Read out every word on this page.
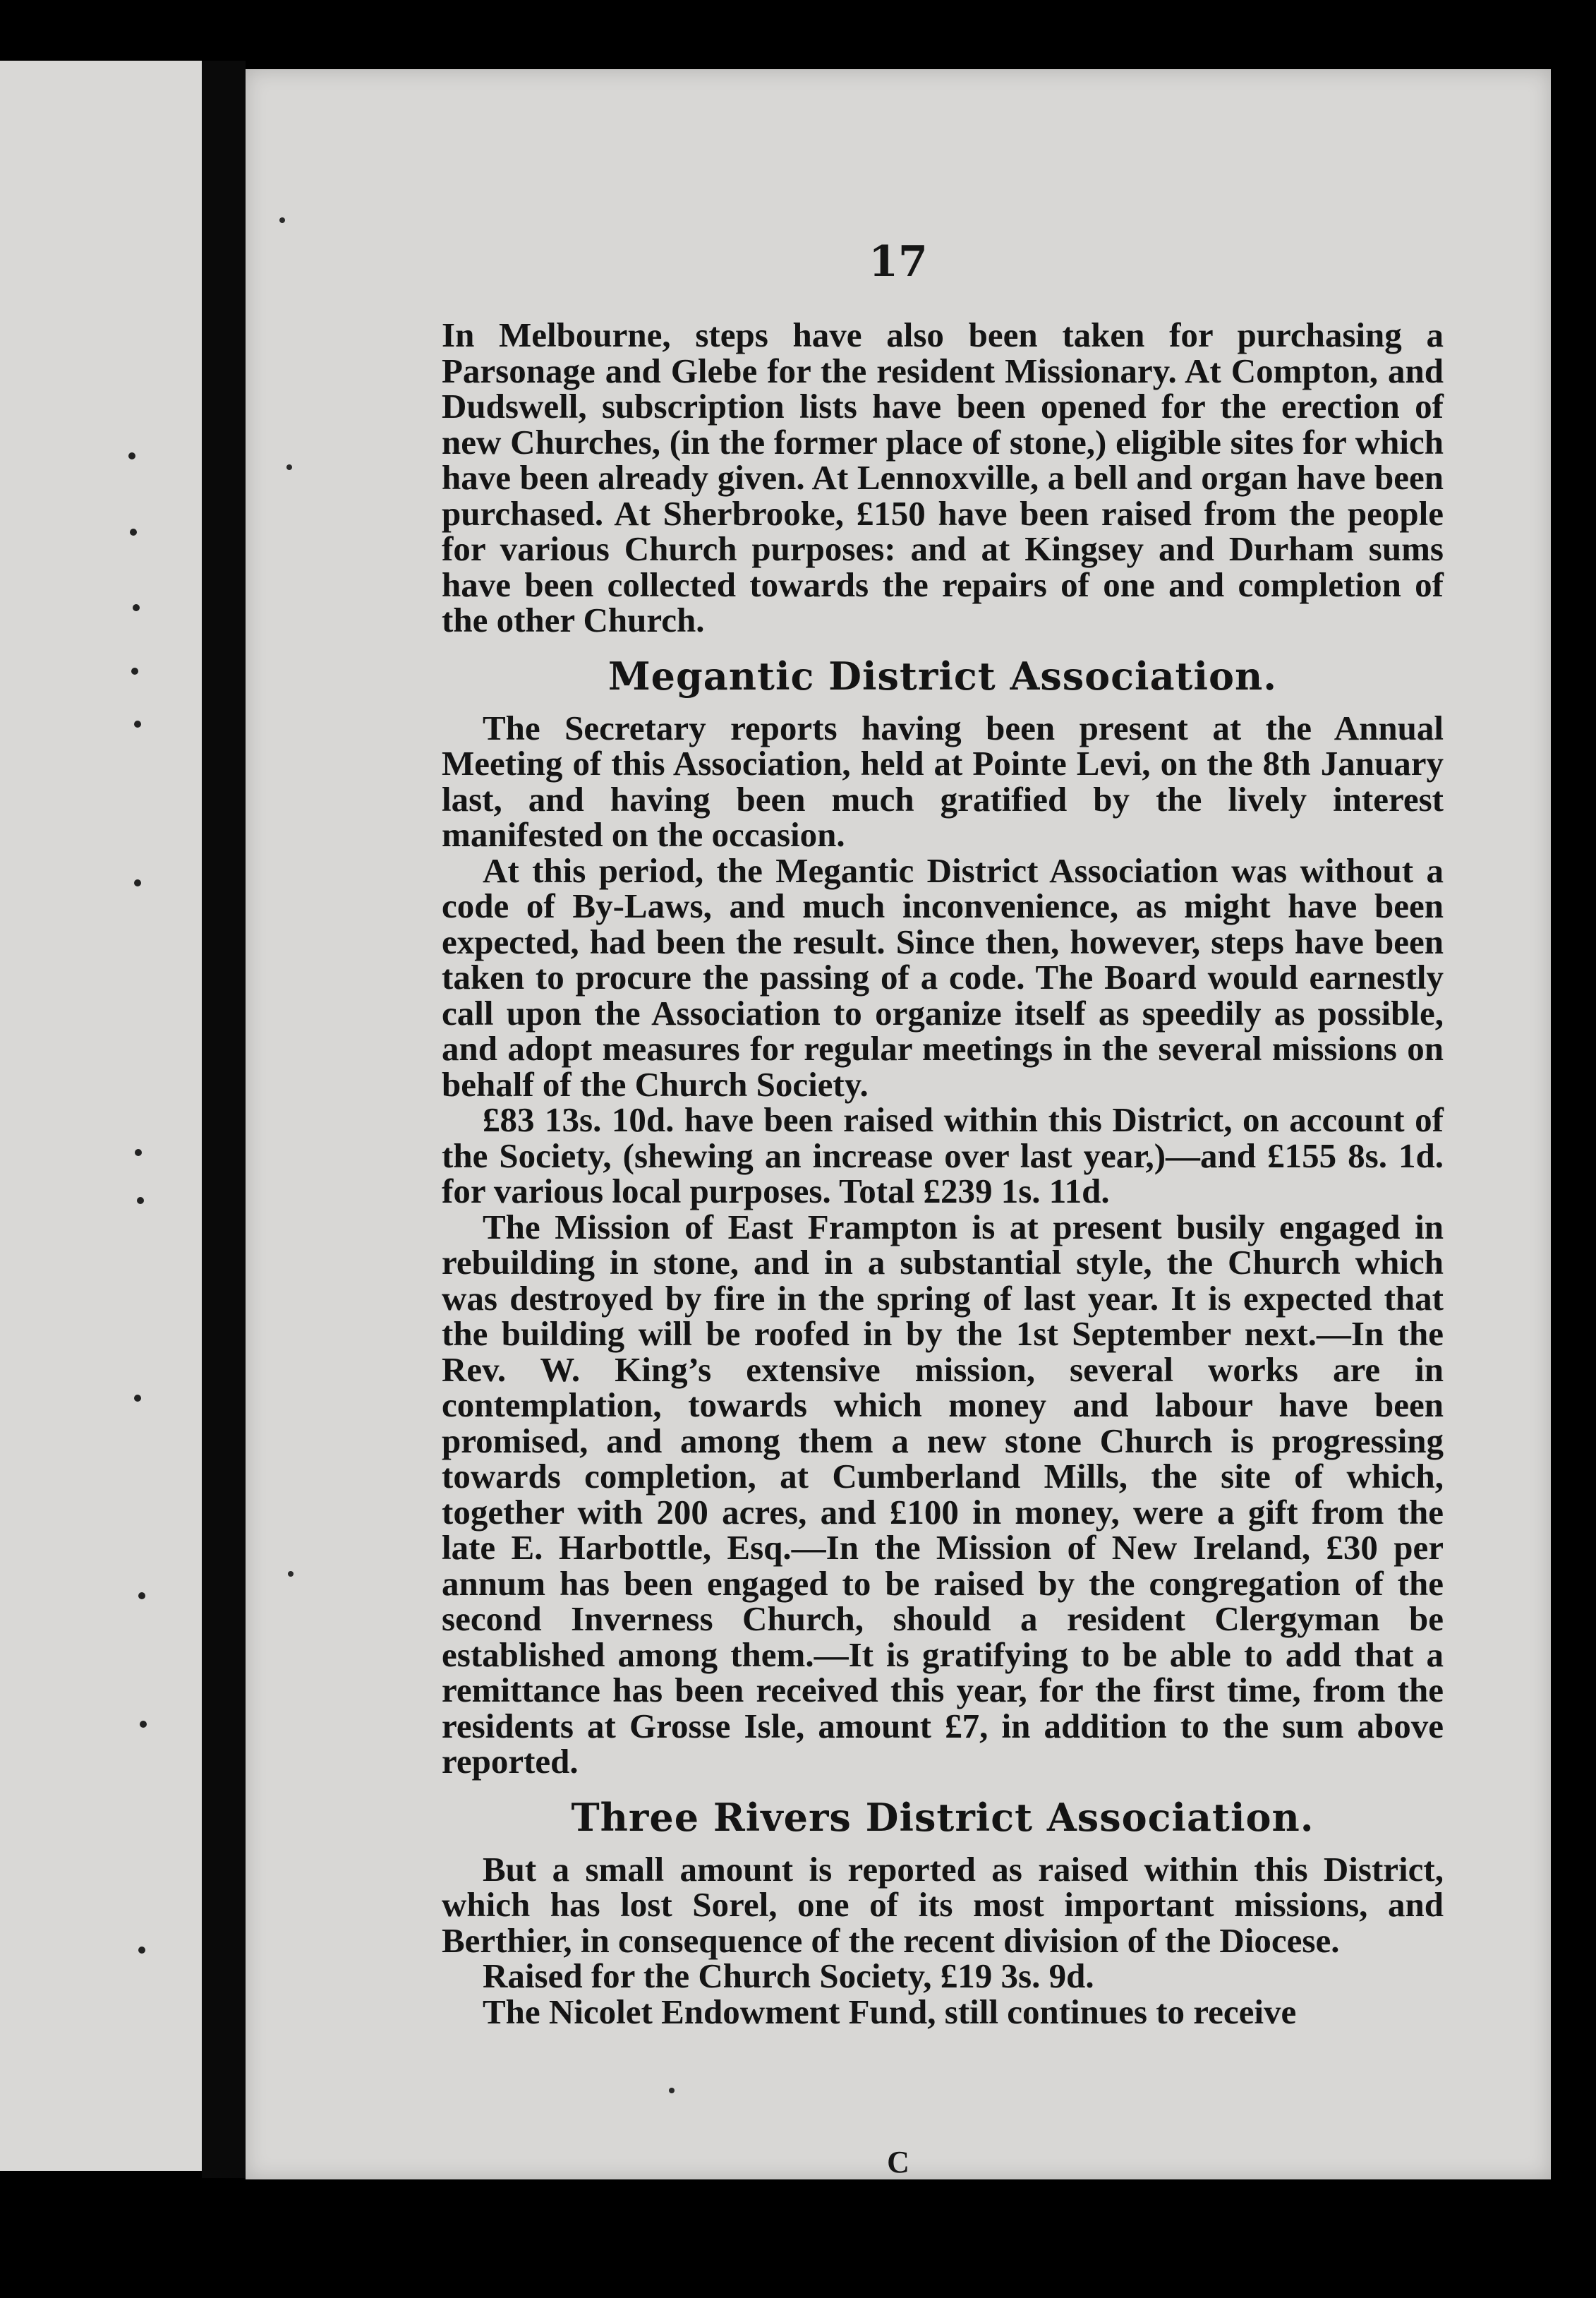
17

In Melbourne, steps have also been taken for purchasing a Parsonage and Glebe for the resident Missionary. At Compton, and Dudswell, subscription lists have been opened for the erection of new Churches, (in the former place of stone,) eligible sites for which have been already given. At Lennoxville, a bell and organ have been purchased. At Sherbrooke, £150 have been raised from the people for various Church purposes: and at Kingsey and Durham sums have been collected towards the repairs of one and completion of the other Church.

Megantic District Association.

The Secretary reports having been present at the Annual Meeting of this Association, held at Pointe Levi, on the 8th January last, and having been much gratified by the lively interest manifested on the occasion.

At this period, the Megantic District Association was without a code of By-Laws, and much inconvenience, as might have been expected, had been the result. Since then, however, steps have been taken to procure the passing of a code. The Board would earnestly call upon the Association to organize itself as speedily as possible, and adopt measures for regular meetings in the several missions on behalf of the Church Society.

£83 13s. 10d. have been raised within this District, on account of the Society, (shewing an increase over last year,)—and £155 8s. 1d. for various local purposes. Total £239 1s. 11d.

The Mission of East Frampton is at present busily engaged in rebuilding in stone, and in a substantial style, the Church which was destroyed by fire in the spring of last year. It is expected that the building will be roofed in by the 1st September next.—In the Rev. W. King’s extensive mission, several works are in contemplation, towards which money and labour have been promised, and among them a new stone Church is progressing towards completion, at Cumberland Mills, the site of which, together with 200 acres, and £100 in money, were a gift from the late E. Harbottle, Esq.—In the Mission of New Ireland, £30 per annum has been engaged to be raised by the congregation of the second Inverness Church, should a resident Clergyman be established among them.—It is gratifying to be able to add that a remittance has been received this year, for the first time, from the residents at Grosse Isle, amount £7, in addition to the sum above reported.

Three Rivers District Association.

But a small amount is reported as raised within this District, which has lost Sorel, one of its most important missions, and Berthier, in consequence of the recent division of the Diocese.

Raised for the Church Society, £19 3s. 9d.

The Nicolet Endowment Fund, still continues to receive

C
